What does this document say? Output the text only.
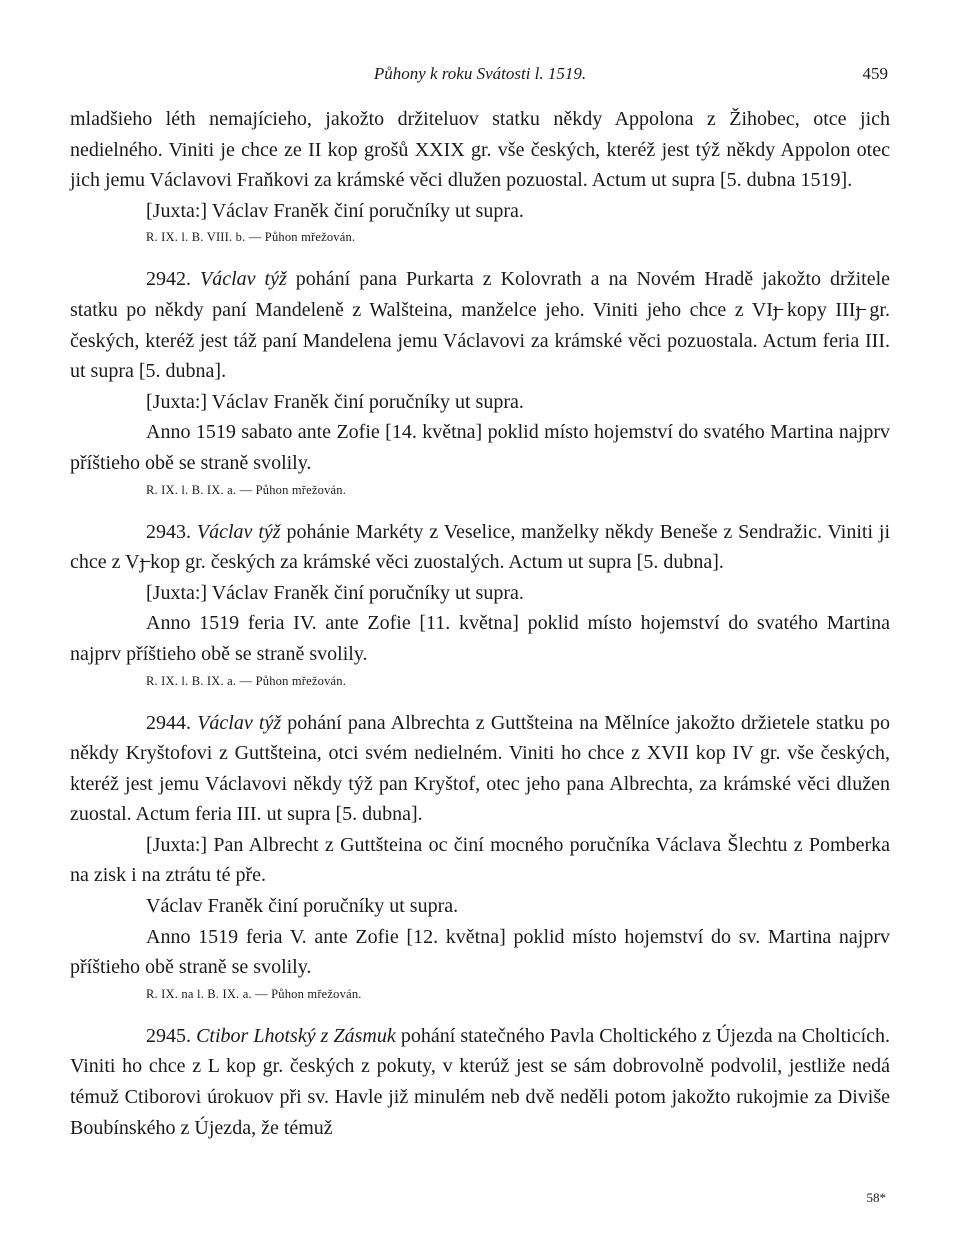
Půhony k roku Svátosti l. 1519.	459

mladšieho léth nemajícieho, jakožto držiteluov statku někdy Appolona z Žihobec, otce jich nedielného. Viniti je chce ze II kop grošů XXIX gr. vše českých, kteréž jest týž někdy Appolon otec jich jemu Václavovi Fraňkovi za krámské věci dlužen pozuostal. Actum ut supra [5. dubna 1519].

[Juxta:] Václav Franěk činí poručníky ut supra.

R. IX. l. B. VIII. b. — Půhon mřežován.

2942. Václav týž pohání pana Purkarta z Kolovrath a na Novém Hradě jakožto držitele statku po někdy paní Mandeleně z Walšteina, manželce jeho. Viniti jeho chce z VIȷ̶ kopy IIIȷ̶ gr. českých, kteréž jest táž paní Mandelena jemu Václavovi za krámské věci pozuostala. Actum feria III. ut supra [5. dubna].

[Juxta:] Václav Franěk činí poručníky ut supra.

Anno 1519 sabato ante Zofie [14. května] poklid místo hojemství do svatého Martina najprv příštieho obě se straně svolily.

R. IX. l. B. IX. a. — Půhon mřežován.

2943. Václav týž pohánie Markéty z Veselice, manželky někdy Beneše z Sendražic. Viniti ji chce z Vȷ̶ kop gr. českých za krámské věci zuostalých. Actum ut supra [5. dubna].

[Juxta:] Václav Franěk činí poručníky ut supra.

Anno 1519 feria IV. ante Zofie [11. května] poklid místo hojemství do svatého Martina najprv příštieho obě se straně svolily.

R. IX. l. B. IX. a. — Půhon mřežován.

2944. Václav týž pohání pana Albrechta z Guttšteina na Mělníce jakožto držietele statku po někdy Kryštofovi z Guttšteina, otci svém nedielném. Viniti ho chce z XVII kop IV gr. vše českých, kteréž jest jemu Václavovi někdy týž pan Kryštof, otec jeho pana Albrechta, za krámské věci dlužen zuostal. Actum feria III. ut supra [5. dubna].

[Juxta:] Pan Albrecht z Guttšteina oc činí mocného poručníka Václava Šlechtu z Pomberka na zisk i na ztrátu té pře.

Václav Franěk činí poručníky ut supra.

Anno 1519 feria V. ante Zofie [12. května] poklid místo hojemství do sv. Martina najprv příštieho obě straně se svolily.

R. IX. na l. B. IX. a. — Půhon mřežován.

2945. Ctibor Lhotský z Zásmuk pohání statečného Pavla Choltického z Újezda na Cholticích. Viniti ho chce z L kop gr. českých z pokuty, v kterúž jest se sám dobrovolně podvolil, jestliže nedá témuž Ctiborovi úrokuov při sv. Havle již minulém neb dvě neděli potom jakožto rukojmie za Diviše Boubínského z Újezda, že témuž

58*
